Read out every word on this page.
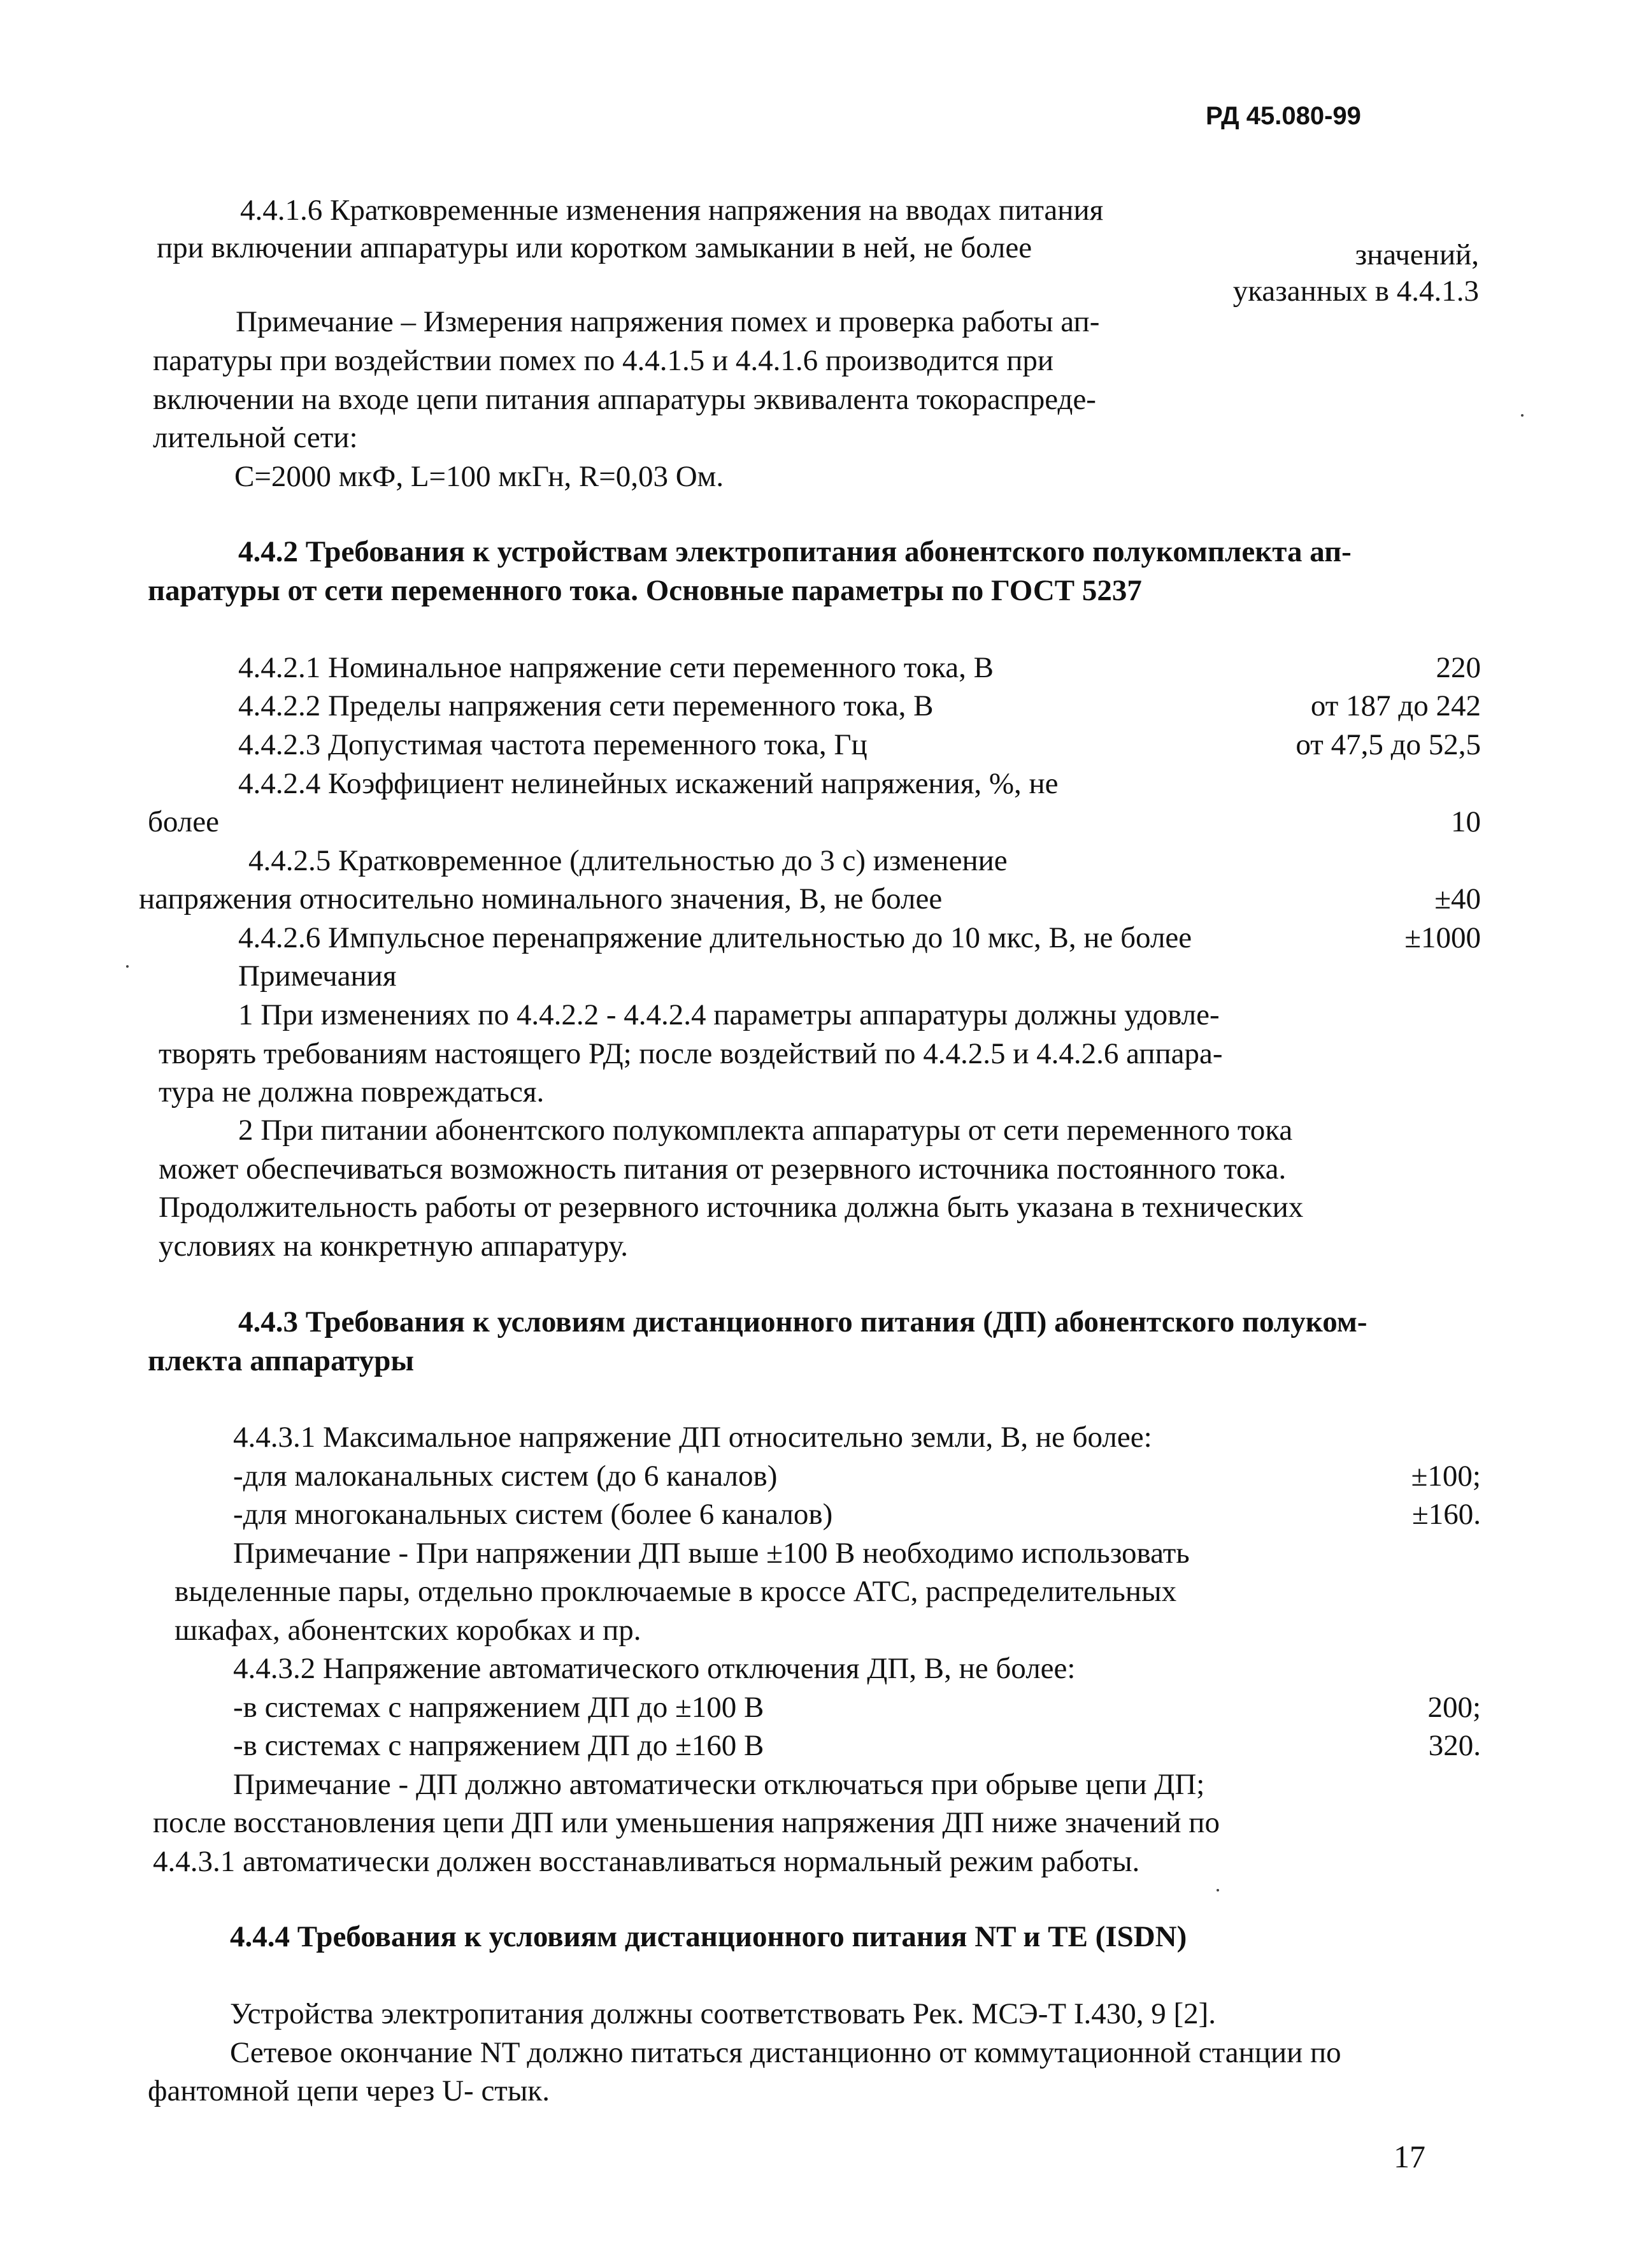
РД 45.080-99
4.4.1.6 Кратковременные изменения напряжения на вводах питания
при включении аппаратуры или коротком замыкании в ней, не более	значений,
указанных в 4.4.1.3
Примечание – Измерения напряжения помех и проверка работы ап-
паратуры при воздействии помех по 4.4.1.5 и 4.4.1.6 производится при
включении на входе цепи питания аппаратуры эквивалента токораспреде-
лительной сети:
С=2000 мкФ, L=100 мкГн, R=0,03 Ом.
4.4.2 Требования к устройствам электропитания абонентского полукомплекта ап-
паратуры от сети переменного тока. Основные параметры по ГОСТ 5237
4.4.2.1 Номинальное напряжение сети переменного тока, В	220
4.4.2.2 Пределы напряжения сети переменного тока, В	от 187 до 242
4.4.2.3 Допустимая частота переменного тока, Гц	от 47,5 до 52,5
4.4.2.4 Коэффициент нелинейных искажений напряжения, %, не
более	10
4.4.2.5 Кратковременное (длительностью до 3 с) изменение
напряжения относительно номинального значения, В, не более	±40
4.4.2.6 Импульсное перенапряжение длительностью до 10 мкс, В, не более	±1000
Примечания
1 При изменениях по 4.4.2.2 - 4.4.2.4 параметры аппаратуры должны удовле-
творять требованиям настоящего РД; после воздействий по 4.4.2.5 и 4.4.2.6 аппара-
тура не должна повреждаться.
2 При питании абонентского полукомплекта аппаратуры от сети переменного тока
может обеспечиваться возможность питания от резервного источника постоянного тока.
Продолжительность работы от резервного источника должна быть указана в технических
условиях на конкретную аппаратуру.
4.4.3 Требования к условиям дистанционного питания (ДП) абонентского полуком-
плекта аппаратуры
4.4.3.1 Максимальное напряжение ДП относительно земли, В, не более:
-для малоканальных систем (до 6 каналов)	±100;
-для многоканальных систем (более 6 каналов)	±160.
Примечание - При напряжении ДП выше ±100 В необходимо использовать
выделенные пары, отдельно проключаемые в кроссе АТС, распределительных
шкафах, абонентских коробках и пр.
4.4.3.2 Напряжение автоматического отключения ДП, В, не более:
-в системах с напряжением ДП до ±100 В	200;
-в системах с напряжением ДП до ±160 В	320.
Примечание - ДП должно автоматически отключаться при обрыве цепи ДП;
после восстановления цепи ДП или уменьшения напряжения ДП ниже значений по
4.4.3.1 автоматически должен восстанавливаться нормальный режим работы.
4.4.4 Требования к условиям дистанционного питания NT и TE (ISDN)
Устройства электропитания должны соответствовать Рек. МСЭ-Т I.430, 9 [2].
Сетевое окончание NT должно питаться дистанционно от коммутационной станции по
фантомной цепи через U- стык.
17
